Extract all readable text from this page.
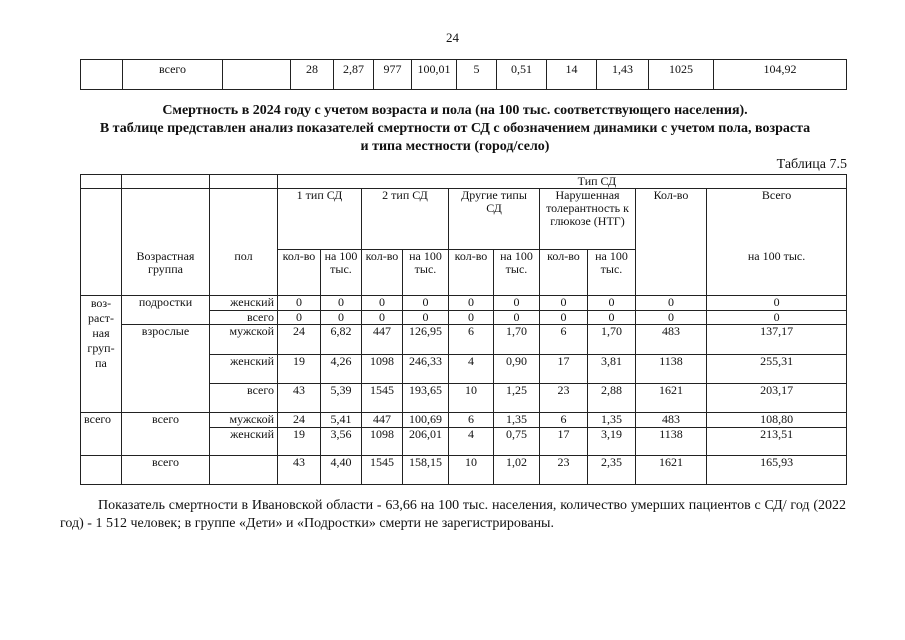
24
	всего		28	2,87	977	100,01	5	0,51	14	1,43	1025	104,92
Смертность в 2024 году с учетом возраста и пола (на 100 тыс. соответствующего населения).
В таблице представлен анализ показателей смертности от СД с обозначением динамики с учетом пола, возраста
и типа местности (город/село)
Таблица 7.5
			Тип СД									
			1 тип СД		2 тип СД		Другие типы СД		Нарушенная толерантность к глюкозе (НТГ)		Кол-во	Всего
	Возрастная группа	пол	кол-во	на 100 тыс.	кол-во	на 100 тыс.	кол-во	на 100 тыс.	кол-во	на 100 тыс.		на 100 тыс.
воз-раст-ная груп-па	подростки	женский	0	0	0	0	0	0	0	0	0	0
		всего	0	0	0	0	0	0	0	0	0	0
	взрослые	мужской	24	6,82	447	126,95	6	1,70	6	1,70	483	137,17
		женский	19	4,26	1098	246,33	4	0,90	17	3,81	1138	255,31
		всего	43	5,39	1545	193,65	10	1,25	23	2,88	1621	203,17
всего	всего	мужской	24	5,41	447	100,69	6	1,35	6	1,35	483	108,80
		женский	19	3,56	1098	206,01	4	0,75	17	3,19	1138	213,51
	всего		43	4,40	1545	158,15	10	1,02	23	2,35	1621	165,93
Показатель смертности в Ивановской области - 63,66 на 100 тыс. населения, количество умерших пациентов с СД/ год (2022 год) - 1 512 человек; в группе «Дети» и «Подростки» смерти не зарегистрированы.
